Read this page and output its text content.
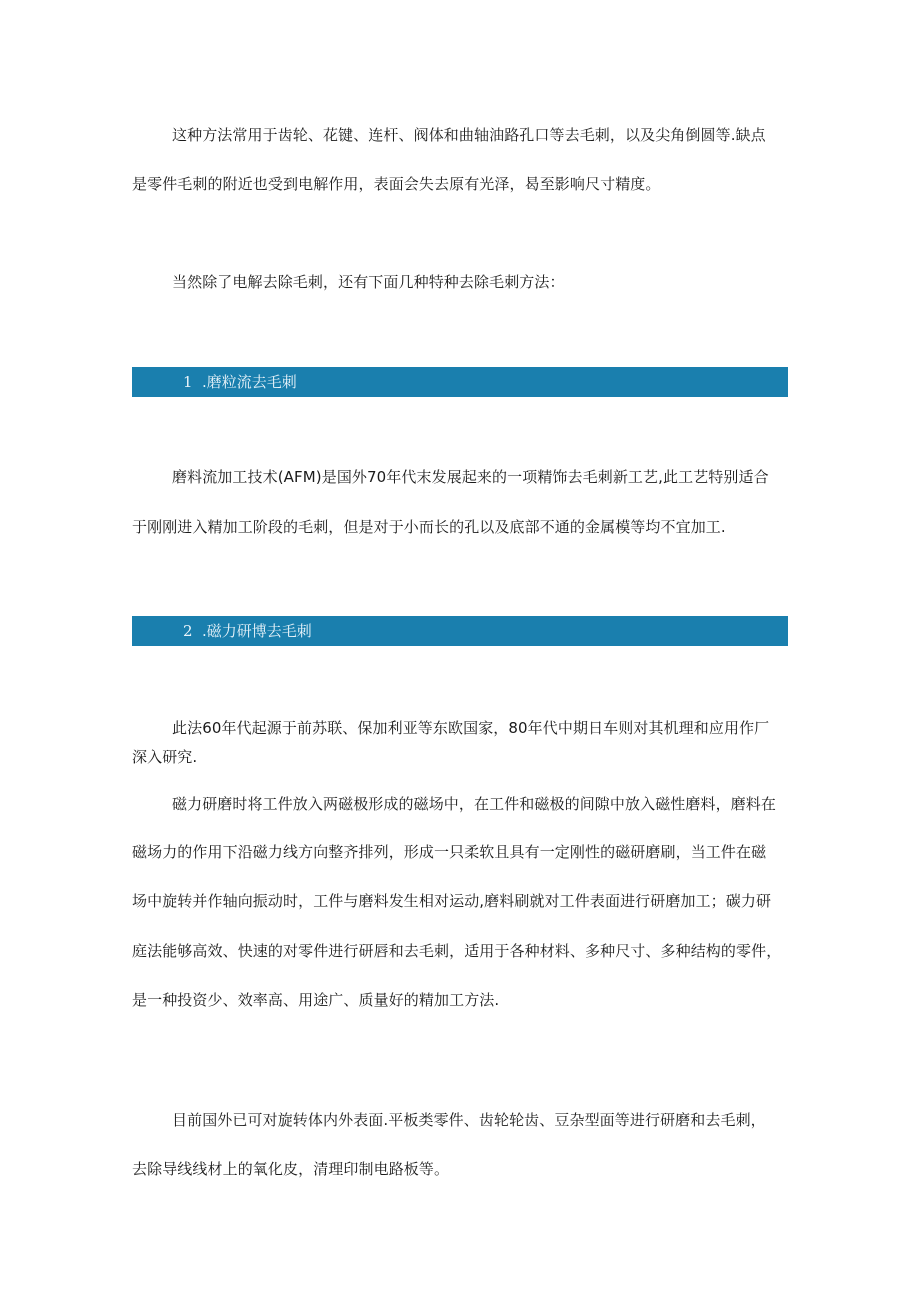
这种方法常用于齿轮、花键、连杆、阀体和曲轴油路孔口等去毛刺，以及尖角倒圆等.缺点
是零件毛刺的附近也受到电解作用，表面会失去原有光泽，曷至影响尺寸精度。
当然除了电解去除毛刺，还有下面几种特种去除毛刺方法：
1 .磨粒流去毛刺
磨料流加工技术(AFM)是国外70年代末发展起来的一项精饰去毛刺新工艺,此工艺特别适合
于刚刚进入精加工阶段的毛刺，但是对于小而长的孔以及底部不通的金属模等均不宜加工.
2 .磁力研博去毛刺
此法60年代起源于前苏联、保加利亚等东欧国家，80年代中期日车则对其机理和应用作厂
深入研究.
磁力研磨时将工件放入两磁极形成的磁场中，在工件和磁极的间隙中放入磁性磨料，磨料在
磁场力的作用下沿磁力线方向整齐排列，形成一只柔软且具有一定刚性的磁研磨刷，当工件在磁
场中旋转并作轴向振动时，工件与磨料发生相对运动,磨料刷就对工件表面进行研磨加工；碳力研
庭法能够高效、快速的对零件进行研唇和去毛刺，适用于各种材料、多种尺寸、多种结构的零件，
是一种投资少、效率高、用途广、质量好的精加工方法.
目前国外已可对旋转体内外表面.平板类零件、齿轮轮齿、豆杂型面等进行研磨和去毛刺，
去除导线线材上的氧化皮，清理印制电路板等。
